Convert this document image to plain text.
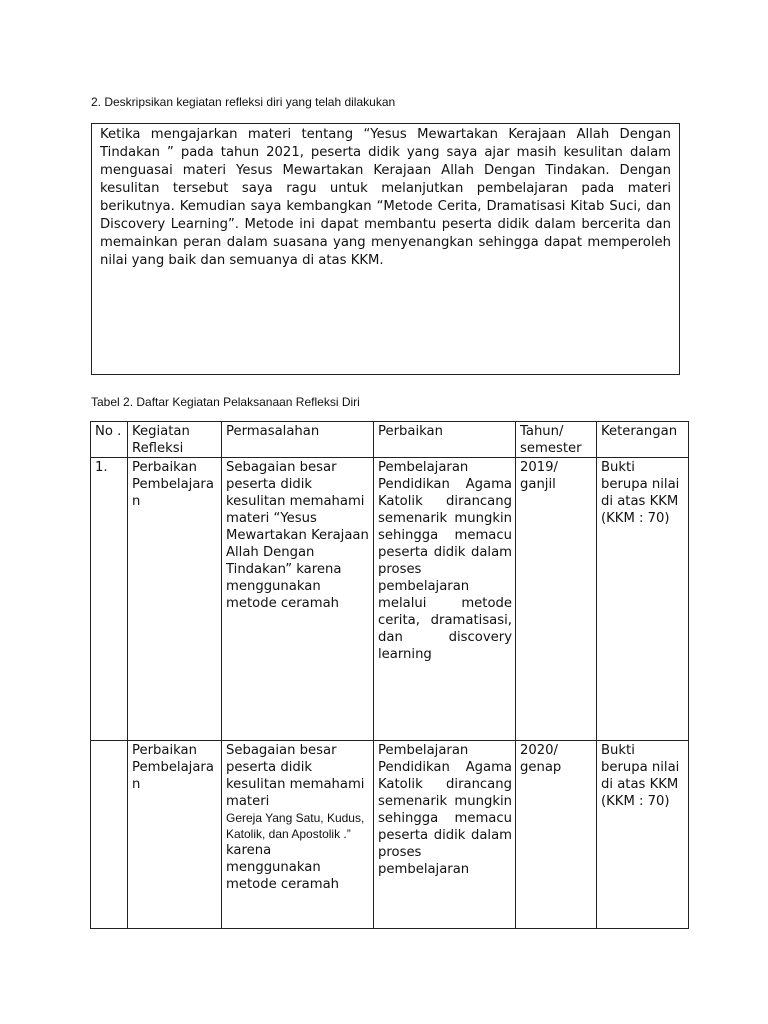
2. Deskripsikan kegiatan refleksi diri yang telah dilakukan

Ketika mengajarkan materi tentang “Yesus Mewartakan Kerajaan Allah Dengan Tindakan ” pada tahun 2021, peserta didik yang saya ajar masih kesulitan dalam menguasai materi Yesus Mewartakan Kerajaan Allah Dengan Tindakan. Dengan kesulitan tersebut saya ragu untuk melanjutkan pembelajaran pada materi berikutnya. Kemudian saya kembangkan “Metode Cerita, Dramatisasi Kitab Suci, dan Discovery Learning”. Metode ini dapat membantu peserta didik dalam bercerita dan memainkan peran dalam suasana yang menyenangkan sehingga dapat memperoleh nilai yang baik dan semuanya di atas KKM.

Tabel 2. Daftar Kegiatan Pelaksanaan Refleksi Diri
No .	Kegiatan Refleksi	Permasalahan	Perbaikan	Tahun/ semester	Keterangan
1.	Perbaikan Pembelajaran	Sebagaian besar peserta didik kesulitan memahami materi “Yesus Mewartakan Kerajaan Allah Dengan Tindakan” karena menggunakan metode ceramah	Pembelajaran Pendidikan Agama Katolik dirancang semenarik mungkin sehingga memacu peserta didik dalam proses pembelajaran melalui metode cerita, dramatisasi, dan discovery learning	2019/ ganjil	Bukti berupa nilai di atas KKM (KKM : 70)
	Perbaikan Pembelajaran	Sebagaian besar peserta didik kesulitan memahami materi
Gereja Yang Satu, Kudus, Katolik, dan Apostolik .”
karena menggunakan metode ceramah	Pembelajaran Pendidikan Agama Katolik dirancang semenarik mungkin sehingga memacu peserta didik dalam proses pembelajaran	2020/ genap	Bukti berupa nilai di atas KKM (KKM : 70)
